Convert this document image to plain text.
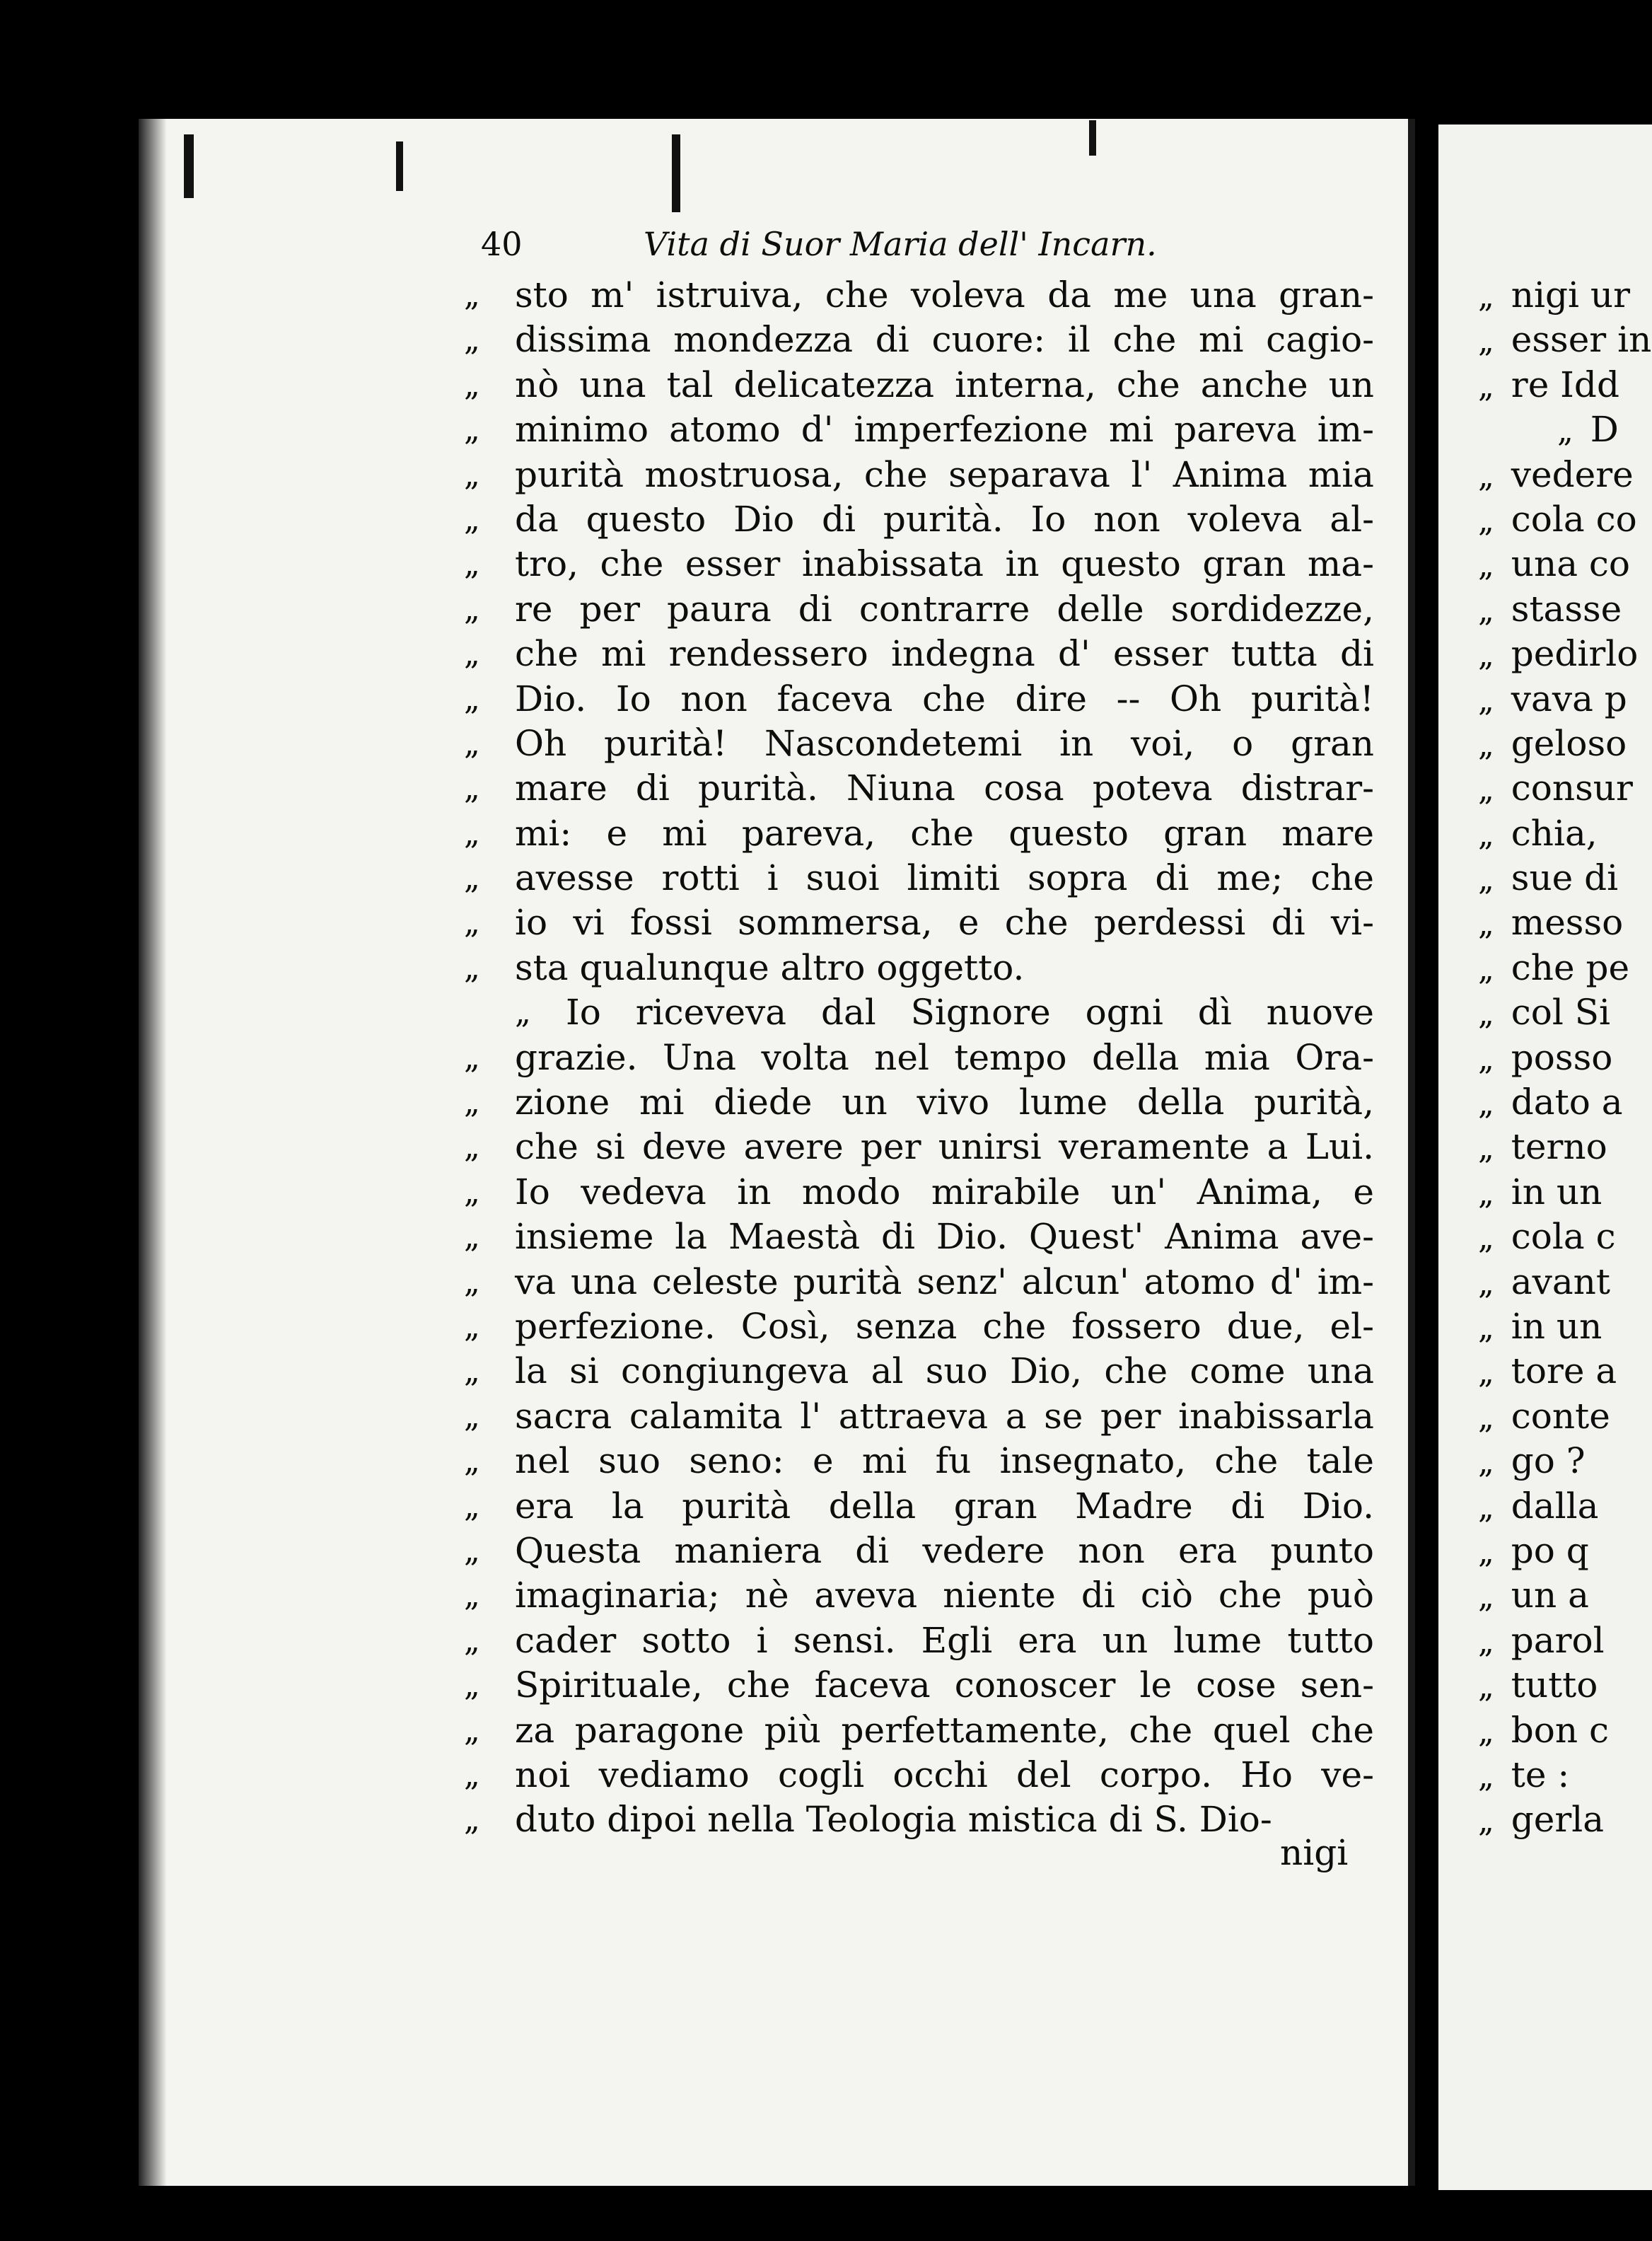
40	Vita di Suor Maria dell' Incarn.
„ sto m' istruiva, che voleva da me una gran-
„ dissima mondezza di cuore: il che mi cagio-
„ nò una tal delicatezza interna, che anche un
„ minimo atomo d' imperfezione mi pareva im-
„ purità mostruosa, che separava l' Anima mia
„ da questo Dio di purità. Io non voleva al-
„ tro, che esser inabissata in questo gran ma-
„ re per paura di contrarre delle sordidezze,
„ che mi rendessero indegna d' esser tutta di
„ Dio. Io non faceva che dire -- Oh purità!
„ Oh purità! Nascondetemi in voi, o gran
„ mare di purità. Niuna cosa poteva distrar-
„ mi: e mi pareva, che questo gran mare
„ avesse rotti i suoi limiti sopra di me; che
„ io vi fossi sommersa, e che perdessi di vi-
„ sta qualunque altro oggetto.
„ Io riceveva dal Signore ogni dì nuove
„ grazie. Una volta nel tempo della mia Ora-
„ zione mi diede un vivo lume della purità,
„ che si deve avere per unirsi veramente a Lui.
„ Io vedeva in modo mirabile un' Anima, e
„ insieme la Maestà di Dio. Quest' Anima ave-
„ va una celeste purità senz' alcun' atomo d' im-
„ perfezione. Così, senza che fossero due, el-
„ la si congiungeva al suo Dio, che come una
„ sacra calamita l' attraeva a se per inabissarla
„ nel suo seno: e mi fu insegnato, che tale
„ era la purità della gran Madre di Dio.
„ Questa maniera di vedere non era punto
„ imaginaria; nè aveva niente di ciò che può
„ cader sotto i sensi. Egli era un lume tutto
„ Spirituale, che faceva conoscer le cose sen-
„ za paragone più perfettamente, che quel che
„ noi vediamo cogli occhi del corpo. Ho ve-
„ duto dipoi nella Teologia mistica di S. Dio-
nigi
„ nigi ur
„ esser in
„ re Idd
„ D
„ vedere
„ cola co
„ una co
„ stasse
„ pedirlo
„ vava p
„ geloso
„ consur
„ chia,
„ sue di
„ messo
„ che pe
„ col Si
„ posso
„ dato a
„ terno
„ in un
„ cola c
„ avant
„ in un
„ tore a
„ conte
„ go ?
„ dalla
„ po q
„ un a
„ parol
„ tutto
„ bon c
„ te :
„ gerla
